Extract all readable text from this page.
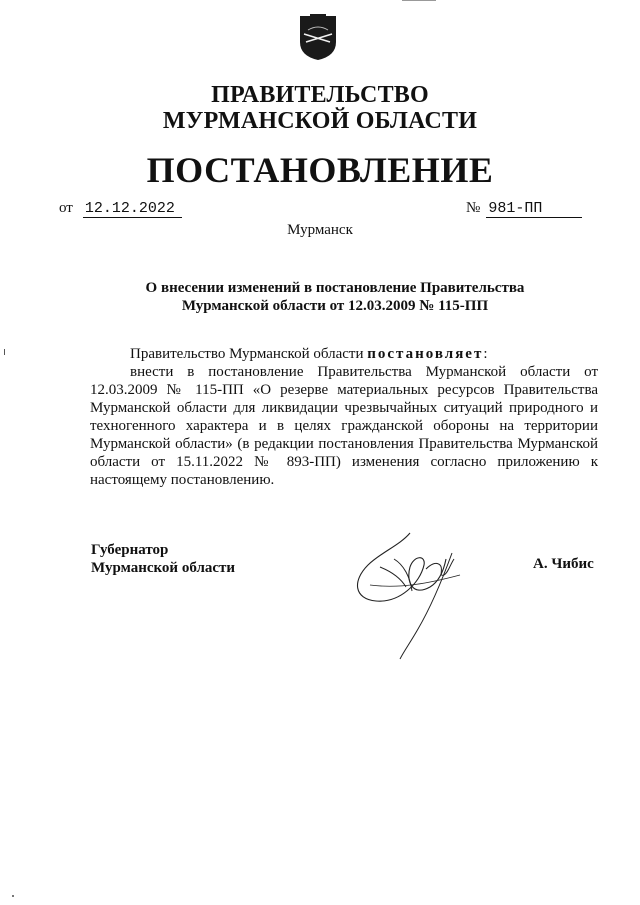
ПРАВИТЕЛЬСТВО
МУРМАНСКОЙ ОБЛАСТИ
ПОСТАНОВЛЕНИЕ
от 12.12.2022	№ 981-ПП
Мурманск
О внесении изменений в постановление Правительства
Мурманской области от 12.03.2009 № 115-ПП

Правительство Мурманской области постановляет:

внести в постановление Правительства Мурманской области от 12.03.2009 № 115-ПП «О резерве материальных ресурсов Правительства Мурманской области для ликвидации чрезвычайных ситуаций природного и техногенного характера и в целях гражданской обороны на территории Мурманской области» (в редакции постановления Правительства Мурманской области от 15.11.2022 № 893-ПП) изменения согласно приложению к настоящему постановлению.

Губернатор
Мурманской области	А. Чибис
